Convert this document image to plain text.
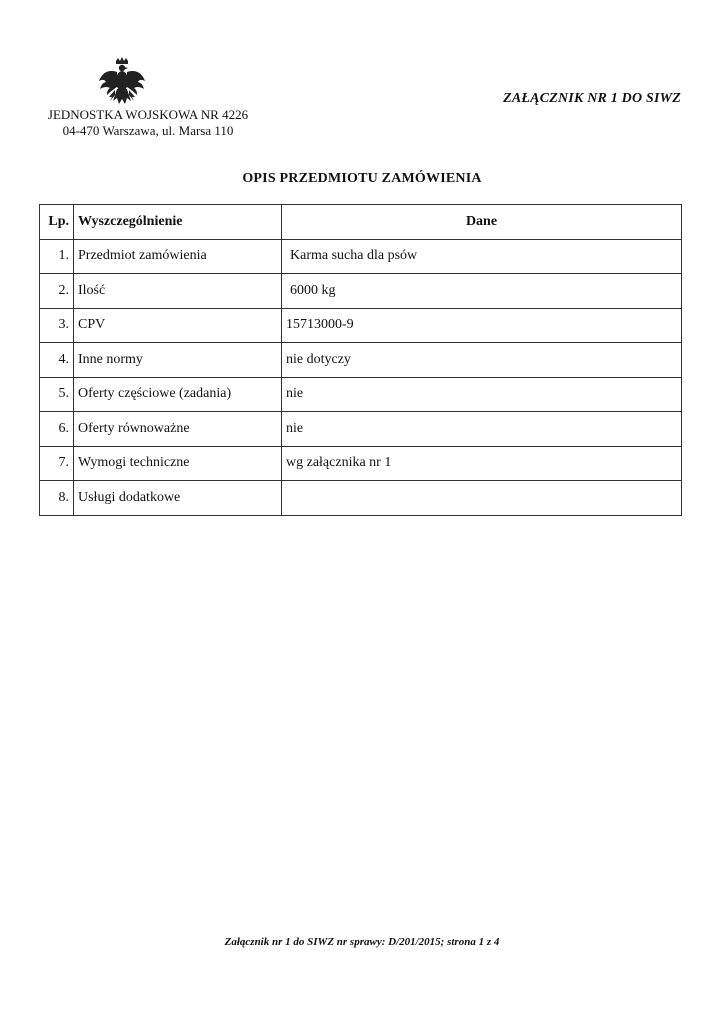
JEDNOSTKA WOJSKOWA NR 4226
04-470 Warszawa, ul. Marsa 110
ZAŁĄCZNIK NR 1 DO SIWZ
OPIS PRZEDMIOTU ZAMÓWIENIA
Lp.	Wyszczególnienie	Dane
1.	Przedmiot zamówienia	Karma sucha dla psów
2.	Ilość	6000 kg
3.	CPV	15713000-9
4.	Inne normy	nie dotyczy
5.	Oferty częściowe (zadania)	nie
6.	Oferty równoważne	nie
7.	Wymogi techniczne	wg załącznika nr 1
8.	Usługi dodatkowe	
Załącznik nr 1 do SIWZ nr sprawy: D/201/2015; strona 1 z 4
